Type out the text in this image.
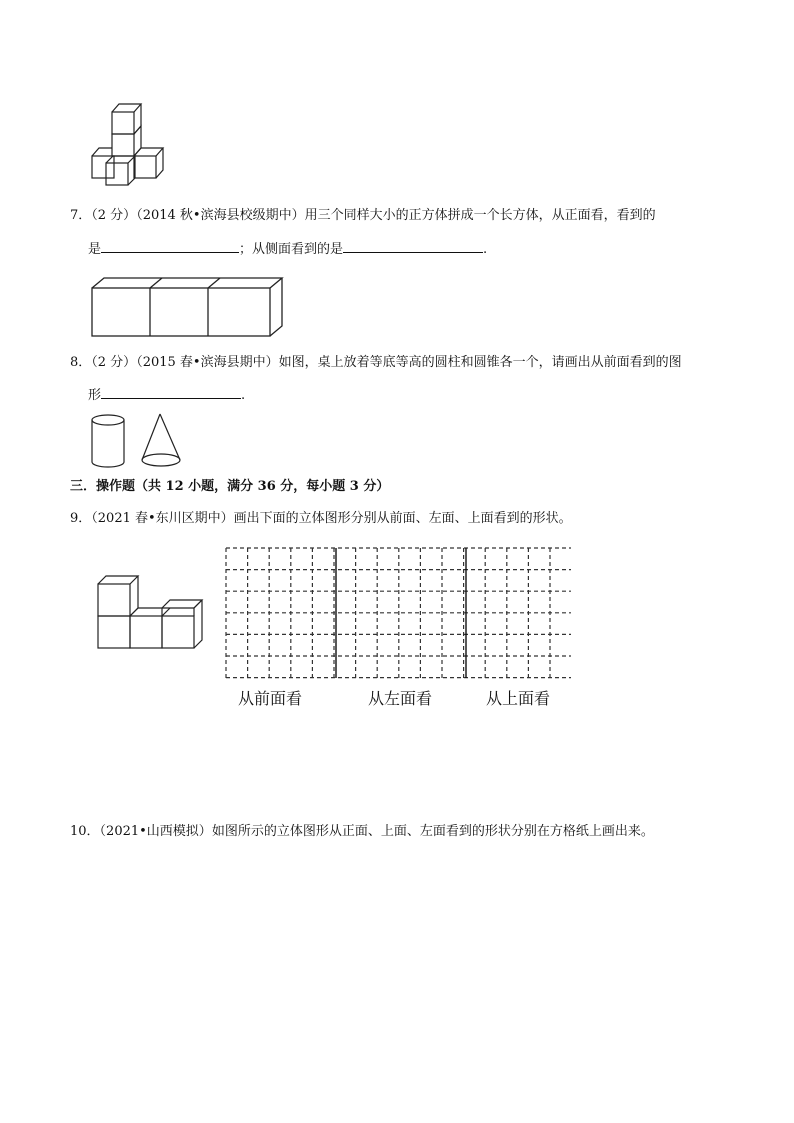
7．（2 分）（2014 秋•滨海县校级期中）用三个同样大小的正方体拼成一个长方体，从正面看，看到的
是	；从侧面看到的是	.
8．（2 分）（2015 春•滨海县期中）如图，桌上放着等底等高的圆柱和圆锥各一个，请画出从前面看到的图
形	.
三．操作题（共 12 小题，满分 36 分，每小题 3 分）
9．（2021 春•东川区期中）画出下面的立体图形分别从前面、左面、上面看到的形状。
从前面看	从左面看	从上面看
10．（2021•山西模拟）如图所示的立体图形从正面、上面、左面看到的形状分别在方格纸上画出来。
